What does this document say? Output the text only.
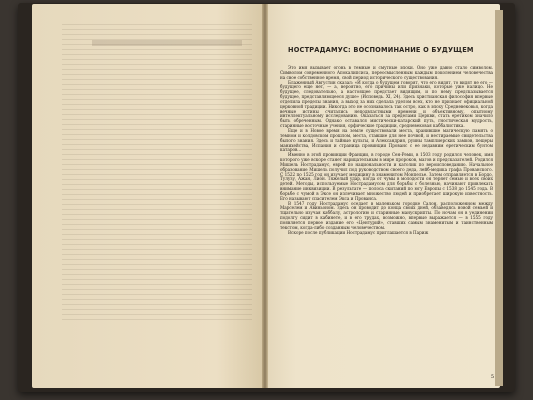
НОСТРАДАМУС: ВОСПОМИНАНИЕ О БУДУЩЕМ

Это имя вызывает огонь в темные и смутные эпохи. Оно уже давно стало символом. Символом современного Апокалипсиса, переосмысленным каждым поколением человечества на свое собственное время, свой период исторического существования.

Блаженный Августин сказал: «И когда о будущем говорят, что его видят, то видят не его — будущего еще нет, — а, вероятно, его причины или признаки, которые уже налицо. Не будущее, следовательно, а настоящее предстает видящим, и по нему предсказывается будущее, представляющееся душе» (Исповедь. ХI, 24). Здесь христианская философия впервые отделила пределы знания, а выход за них сделала уделом всех, кто не признает официальной церковной традиции. Никогда это не осознавалось так остро, как в эпоху Средневековья, когда вечные истины считались неподвластными времени и объективному, опытному интеллектуальному исследованию. Оказаться за пределами Церкви, стать еретиком значило быть обреченным. Однако оставался мистически-катарский путь, гностическая мудрость, старинные восточные учения, орфические традиции, средневековая каббалистика.

Еще и в Новое время на земле существовали места, хранившие магическую память о темном и колдовском прошлом, места, ставшие для нее почвой, и нестираемые свидетельства былого знания. Здесь и тайные культы, и Александрия, руины тамплиерских замков, пещеры манихейства, Испания и страница провинции Прованс с ее недавним еретическим бунтом катаров...

Именно в этой провинции Франции, в городе Сен-Реми, в 1503 году родился человек, имя которого уже вскоре станет нарицательным в мире пророков, магов и предсказателей. Родился Мишель Нострадамус, еврей по национальности и католик по вероисповеданию. Начальное образование Мишель получил под руководством своего деда, лейб-медика графа Прованского. С 1522 по 1525 год он изучает медицину в знаменитом Монпелье. Затем отправляется в Бордо, Тулузу, Ажан, Лион. Тяжелый удар, когда от чумы в молодости он теряет семью и всех своих детей. Методы, используемые Нострадамусом для борьбы с болезнью, начинают привлекать внимание инквизиции. В результате — полоса скитаний по югу Европы с 1538 до 1545 года. В борьбе с чумой в Эксе он излечивает множество людей и приобретает широкую известность. Его называют спасителем Экса и Прованса.

В 1547 году Нострадамус оседает в маленьком городке Салон, расположенном между Марселем и Авиньоном. Здесь он проводит до конца своих дней, обзаведясь новой семьей и тщательно изучая каббалу, астрологию и старинные манускрипты. По ночам он в уединении подолгу сидит в кабинете, и в его трудах, возможно, впервые выражается — в 1555 году появляется первое издание его «Центурий», ставших самым знаменитым и таинственным текстом, когда-либо созданным человечеством.

Вскоре после публикации Нострадамус приглашается в Париж

5
